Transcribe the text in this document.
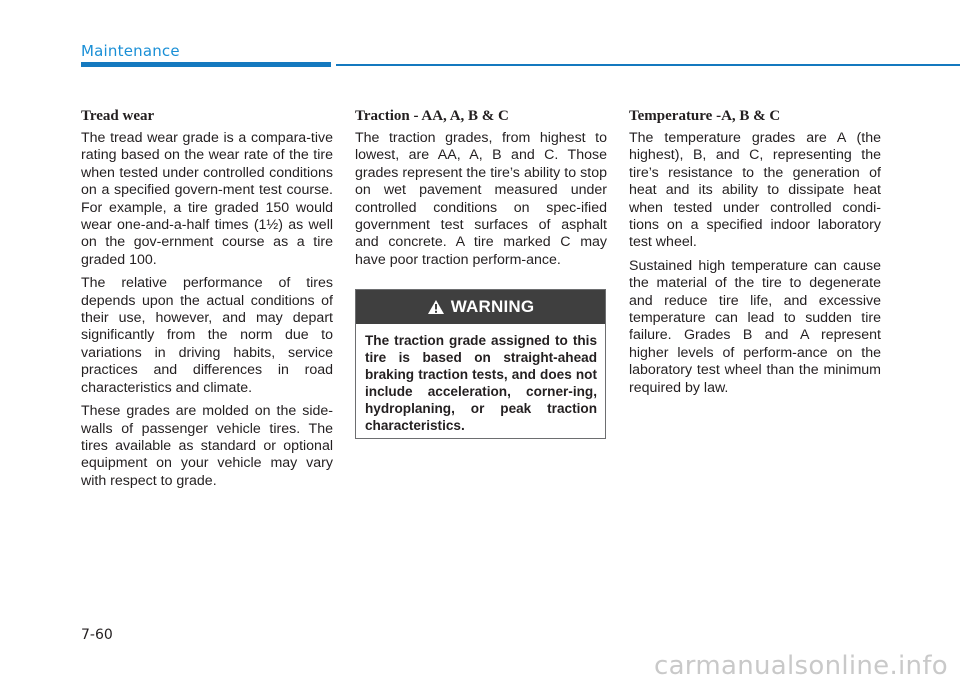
Maintenance
Tread wear

The tread wear grade is a compara-tive rating based on the wear rate of the tire when tested under controlled conditions on a specified govern-ment test course. For example, a tire graded 150 would wear one-and-a-half times (1½) as well on the gov-ernment course as a tire graded 100.

The relative performance of tires depends upon the actual conditions of their use, however, and may depart significantly from the norm due to variations in driving habits, service practices and differences in road characteristics and climate.

These grades are molded on the side-walls of passenger vehicle tires. The tires available as standard or optional equipment on your vehicle may vary with respect to grade.

Traction - AA, A, B & C

The traction grades, from highest to lowest, are AA, A, B and C. Those grades represent the tire’s ability to stop on wet pavement measured under controlled conditions on spec-ified government test surfaces of asphalt and concrete. A tire marked C may have poor traction perform-ance.

WARNING
The traction grade assigned to this tire is based on straight-ahead braking traction tests, and does not include acceleration, corner-ing, hydroplaning, or peak traction characteristics.
Temperature -A, B & C

The temperature grades are A (the highest), B, and C, representing the tire’s resistance to the generation of heat and its ability to dissipate heat when tested under controlled condi-tions on a specified indoor laboratory test wheel.

Sustained high temperature can cause the material of the tire to degenerate and reduce tire life, and excessive temperature can lead to sudden tire failure. Grades B and A represent higher levels of perform-ance on the laboratory test wheel than the minimum required by law.

7-60
carmanualsonline.info
